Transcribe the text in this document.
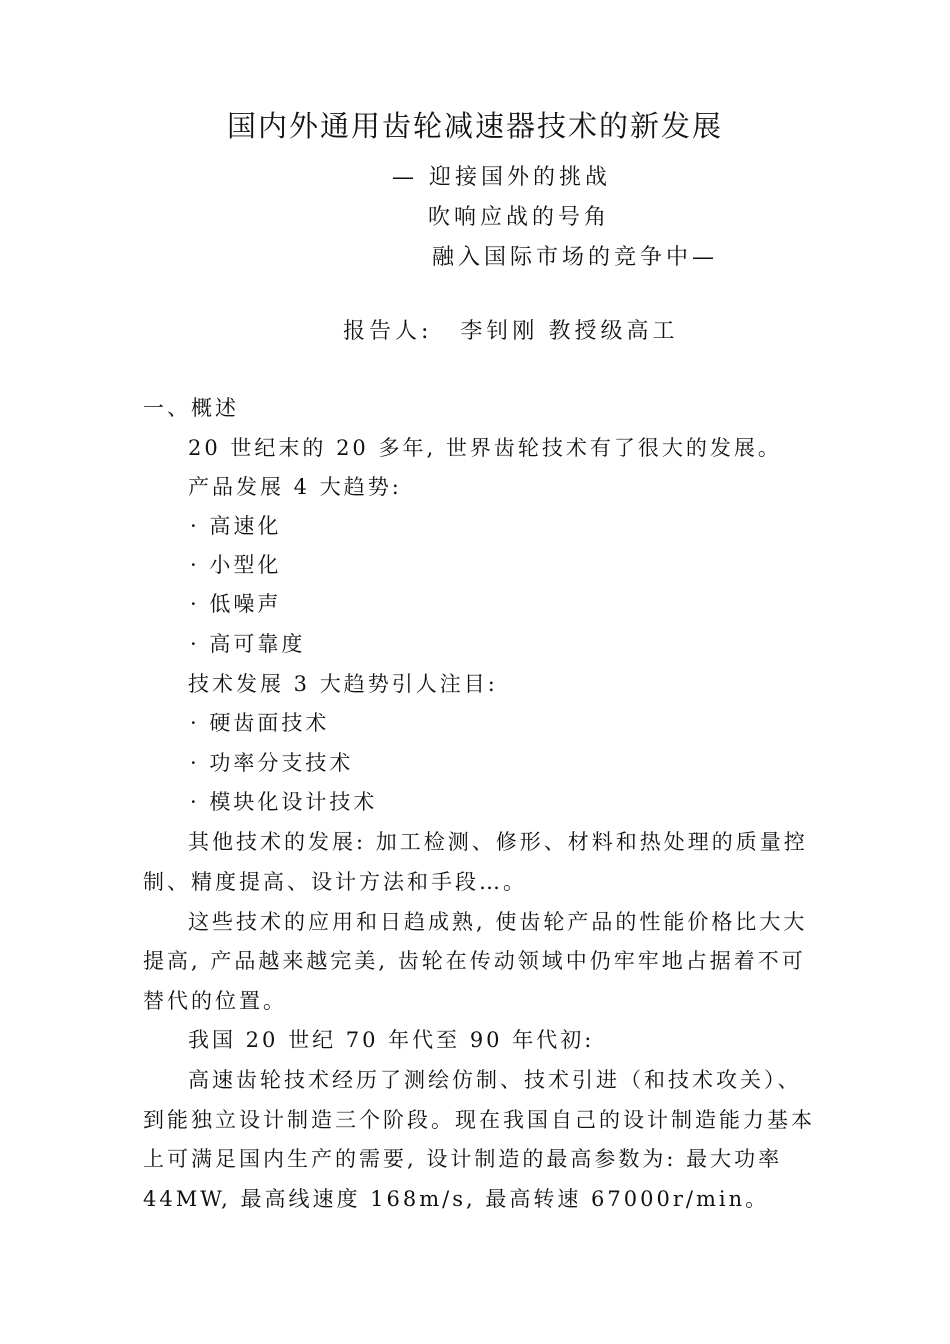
国内外通用齿轮减速器技术的新发展

— 迎接国外的挑战

吹响应战的号角

融入国际市场的竞争中—

报告人: 李钊刚 教授级高工

一、概述

20 世纪末的 20 多年, 世界齿轮技术有了很大的发展。

产品发展 4 大趋势:

· 高速化

· 小型化

· 低噪声

· 高可靠度

技术发展 3 大趋势引人注目:

· 硬齿面技术

· 功率分支技术

· 模块化设计技术

其他技术的发展: 加工检测、修形、材料和热处理的质量控

制、精度提高、设计方法和手段…。

这些技术的应用和日趋成熟, 使齿轮产品的性能价格比大大

提高, 产品越来越完美, 齿轮在传动领域中仍牢牢地占据着不可

替代的位置。

我国 20 世纪 70 年代至 90 年代初:

高速齿轮技术经历了测绘仿制、技术引进（和技术攻关）、

到能独立设计制造三个阶段。现在我国自己的设计制造能力基本

上可满足国内生产的需要, 设计制造的最高参数为: 最大功率

44MW, 最高线速度 168m/s, 最高转速 67000r/min。
